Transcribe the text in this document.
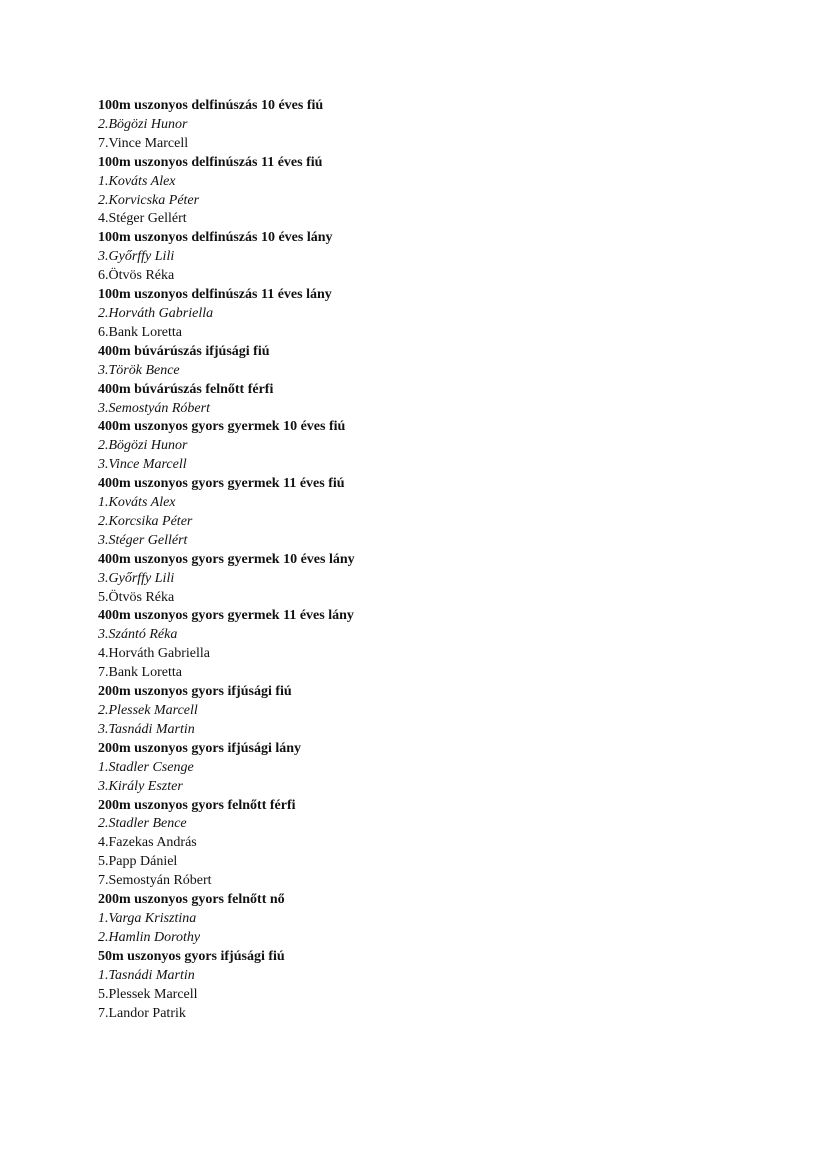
100m uszonyos delfinúszás 10 éves fiú
2.Bögözi Hunor
7.Vince Marcell
100m uszonyos delfinúszás 11 éves fiú
1.Kováts Alex
2.Korvicska Péter
4.Stéger Gellért
100m uszonyos delfinúszás 10 éves lány
3.Győrffy Lili
6.Ötvös Réka
100m uszonyos delfinúszás 11 éves lány
2.Horváth Gabriella
6.Bank Loretta
400m búvárúszás ifjúsági fiú
3.Török Bence
400m búvárúszás felnőtt férfi
3.Semostyán Róbert
400m uszonyos gyors gyermek 10 éves fiú
2.Bögözi Hunor
3.Vince Marcell
400m uszonyos gyors gyermek 11 éves fiú
1.Kováts Alex
2.Korcsika Péter
3.Stéger Gellért
400m uszonyos gyors gyermek 10 éves lány
3.Győrffy Lili
5.Ötvös Réka
400m uszonyos gyors gyermek 11 éves lány
3.Szántó Réka
4.Horváth Gabriella
7.Bank Loretta
200m uszonyos gyors ifjúsági fiú
2.Plessek Marcell
3.Tasnádi Martin
200m uszonyos gyors ifjúsági lány
1.Stadler Csenge
3.Király Eszter
200m uszonyos gyors felnőtt férfi
2.Stadler Bence
4.Fazekas András
5.Papp Dániel
7.Semostyán Róbert
200m uszonyos gyors felnőtt nő
1.Varga Krisztina
2.Hamlin Dorothy
50m uszonyos gyors ifjúsági fiú
1.Tasnádi Martin
5.Plessek Marcell
7.Landor Patrik
